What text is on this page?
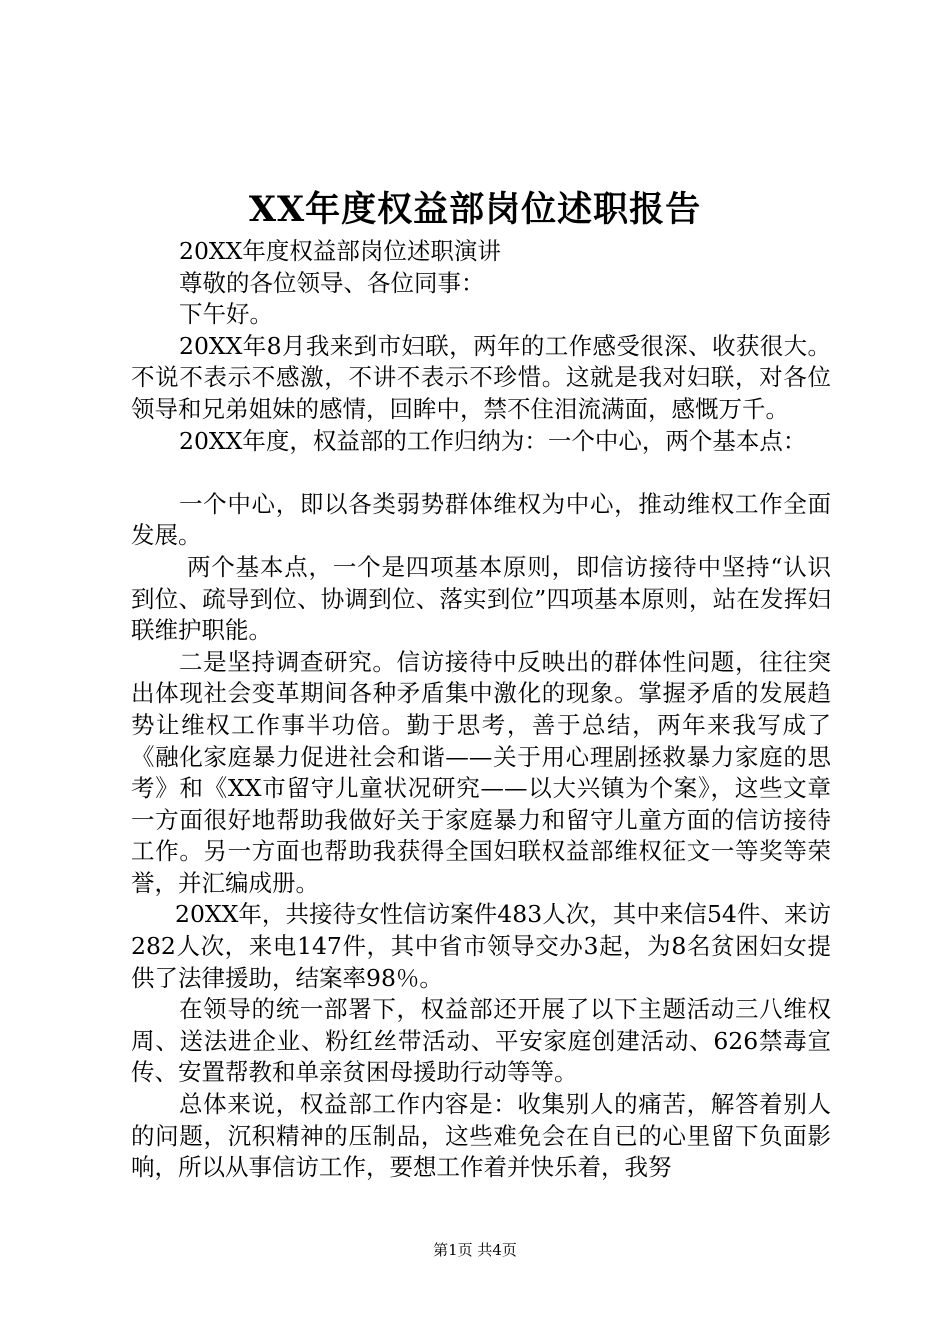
XX年度权益部岗位述职报告

20XX年度权益部岗位述职演讲

尊敬的各位领导、各位同事：

下午好。

20XX年8月我来到市妇联，两年的工作感受很深、收获很大。不说不表示不感激，不讲不表示不珍惜。这就是我对妇联，对各位领导和兄弟姐妹的感情，回眸中，禁不住泪流满面，感慨万千。

20XX年度，权益部的工作归纳为：一个中心，两个基本点：

一个中心，即以各类弱势群体维权为中心，推动维权工作全面发展。

两个基本点，一个是四项基本原则，即信访接待中坚持“认识到位、疏导到位、协调到位、落实到位”四项基本原则，站在发挥妇联维护职能。

二是坚持调查研究。信访接待中反映出的群体性问题，往往突出体现社会变革期间各种矛盾集中激化的现象。掌握矛盾的发展趋势让维权工作事半功倍。勤于思考，善于总结，两年来我写成了《融化家庭暴力促进社会和谐——关于用心理剧拯救暴力家庭的思考》和《XX市留守儿童状况研究——以大兴镇为个案》，这些文章一方面很好地帮助我做好关于家庭暴力和留守儿童方面的信访接待工作。另一方面也帮助我获得全国妇联权益部维权征文一等奖等荣誉，并汇编成册。

20XX年，共接待女性信访案件483人次，其中来信54件、来访282人次，来电147件，其中省市领导交办3起，为8名贫困妇女提供了法律援助，结案率98％。

在领导的统一部署下，权益部还开展了以下主题活动三八维权周、送法进企业、粉红丝带活动、平安家庭创建活动、626禁毒宣传、安置帮教和单亲贫困母援助行动等等。

总体来说，权益部工作内容是：收集别人的痛苦，解答着别人的问题，沉积精神的压制品，这些难免会在自已的心里留下负面影响，所以从事信访工作，要想工作着并快乐着，我努

第1页 共4页
